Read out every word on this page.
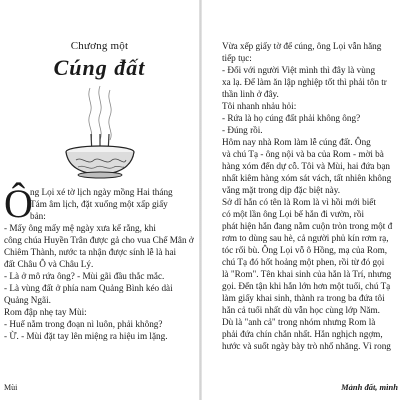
Chương một
Cúng đất
Ô
ng Lọi xé tờ lịch ngày mồng Hai tháng
Tám âm lịch, đặt xuống một xấp giấy
bản:
- Mấy ông mấy mệ ngày xưa kể rằng, khi
công chúa Huyền Trân được gả cho vua Chế Mân ở
Chiêm Thành, nước ta nhận được sính lễ là hai
đất Châu Ô và Châu Lý.
- Là ở mô rứa ông? - Mùi gãi đầu thắc mắc.
- Là vùng đất ở phía nam Quảng Bình kéo dài
Quảng Ngãi.
Rom đập nhẹ tay Mùi:
- Huế nằm trong đoạn nì luôn, phải không?
- Ừ. - Mùi đặt tay lên miệng ra hiệu im lặng.
Mùi
Vừa xếp giấy tờ để cúng, ông Lọi vẫn hăng
tiếp tục:
- Đối với người Việt mình thì đây là vùng
xa lạ. Để làm ăn lập nghiệp tốt thì phải tôn tr
thần linh ở đây.
Tôi nhanh nhảu hỏi:
- Rứa là họ cúng đất phải không ông?
- Đúng rồi.
Hôm nay nhà Rom làm lễ cúng đất. Ông
và chú Tạ - ông nội và ba của Rom - mời bà
hàng xóm đến dự cỗ. Tôi và Mùi, hai đứa bạn
nhất kiêm hàng xóm sát vách, tất nhiên không
vắng mặt trong dịp đặc biệt này.
Sở dĩ hắn có tên là Rom là vì hồi mới biết
có một lần ông Lọi bế hắn đi vườn, rồi
phát hiện hắn đang nằm cuộn tròn trong một đ
rơm to dùng sau hè, cả người phủ kín rơm rạ,
tóc rối bù. Ông Lọi vỗ ô Hồng, mạ của Rom,
chú Tạ đó hốt hoảng một phen, rồi từ đó gọi
là "Rom". Tên khai sinh của hắn là Trí, nhưng
gọi. Đến tận khi hắn lớn hơn một tuổi, chú Tạ
làm giấy khai sinh, thành ra trong ba đứa tôi
hắn cả tuổi nhất dù vẫn học cùng lớp Năm.
Dù là "anh cả" trong nhóm nhưng Rom là
phải đứa chín chắn nhất. Hắn nghịch ngợm,
hước và suốt ngày bày trò nhố nhăng. Vì rong
Mảnh đất, mình
